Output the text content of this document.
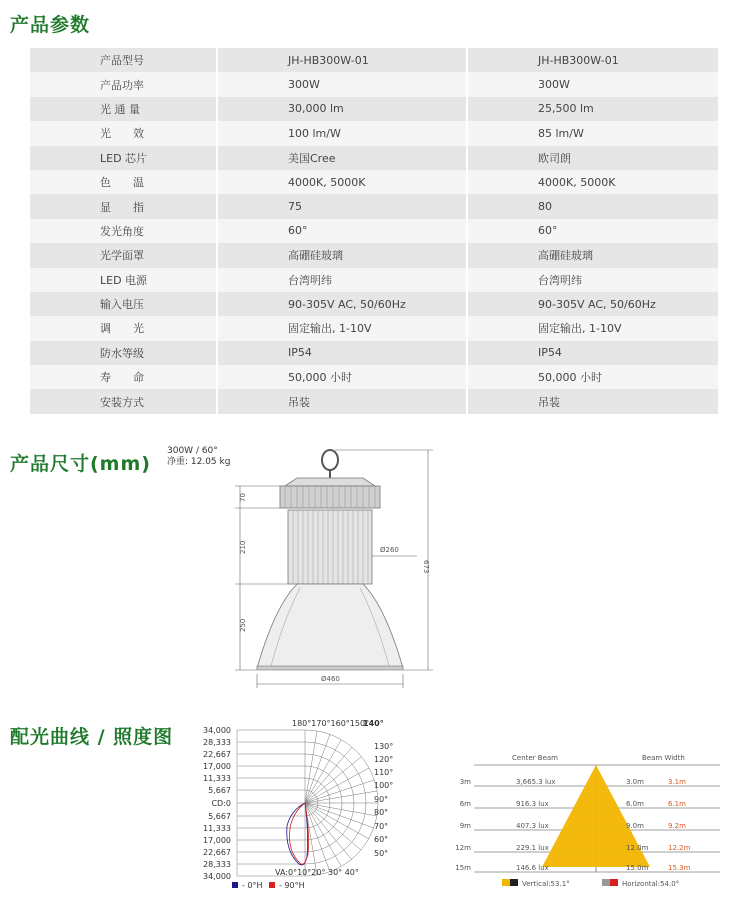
产品参数
产品型号	JH-HB300W-01	JH-HB300W-01
产品功率	300W	300W
光 通 量	30,000 lm	25,500 lm
光　　效	100 lm/W	85 lm/W
LED 芯片	美国Cree	欧司朗
色　　温	4000K, 5000K	4000K, 5000K
显　　指	75	80
发光角度	60°	60°
光学面罩	高硼硅玻璃	高硼硅玻璃
LED 电源	台湾明纬	台湾明纬
输入电压	90-305V AC, 50/60Hz	90-305V AC, 50/60Hz
调　　光	固定输出, 1-10V	固定输出, 1-10V
防水等级	IP54	IP54
寿　　命	50,000 小时	50,000 小时
安装方式	吊装	吊装
产品尺寸(mm)
300W / 60°
净重: 12.05 kg
70
210
250
673
Ø260
Ø460
配光曲线 / 照度图
180°170°160°150°
140°
34,000
28,333
22,667
17,000
11,333
5,667
CD:0
5,667
11,333
17,000
22,667
28,333
34,000
130°
120°
110°
100°
90°
80°
70°
60°
50°
VA:0°10°20° 30° 40°
- 0°H - 90°H
Center Beam	Beam Width
3m	3,665.3 lux	3.0m	3.1m
6m	916.3 lux	6.0m	6.1m
9m	407.3 lux	9.0m	9.2m
12m	229.1 lux	12.0m	12.2m
15m	146.6 lux	15.0m	15.3m
Vertical:53.1°	Horizontal:54.0°
